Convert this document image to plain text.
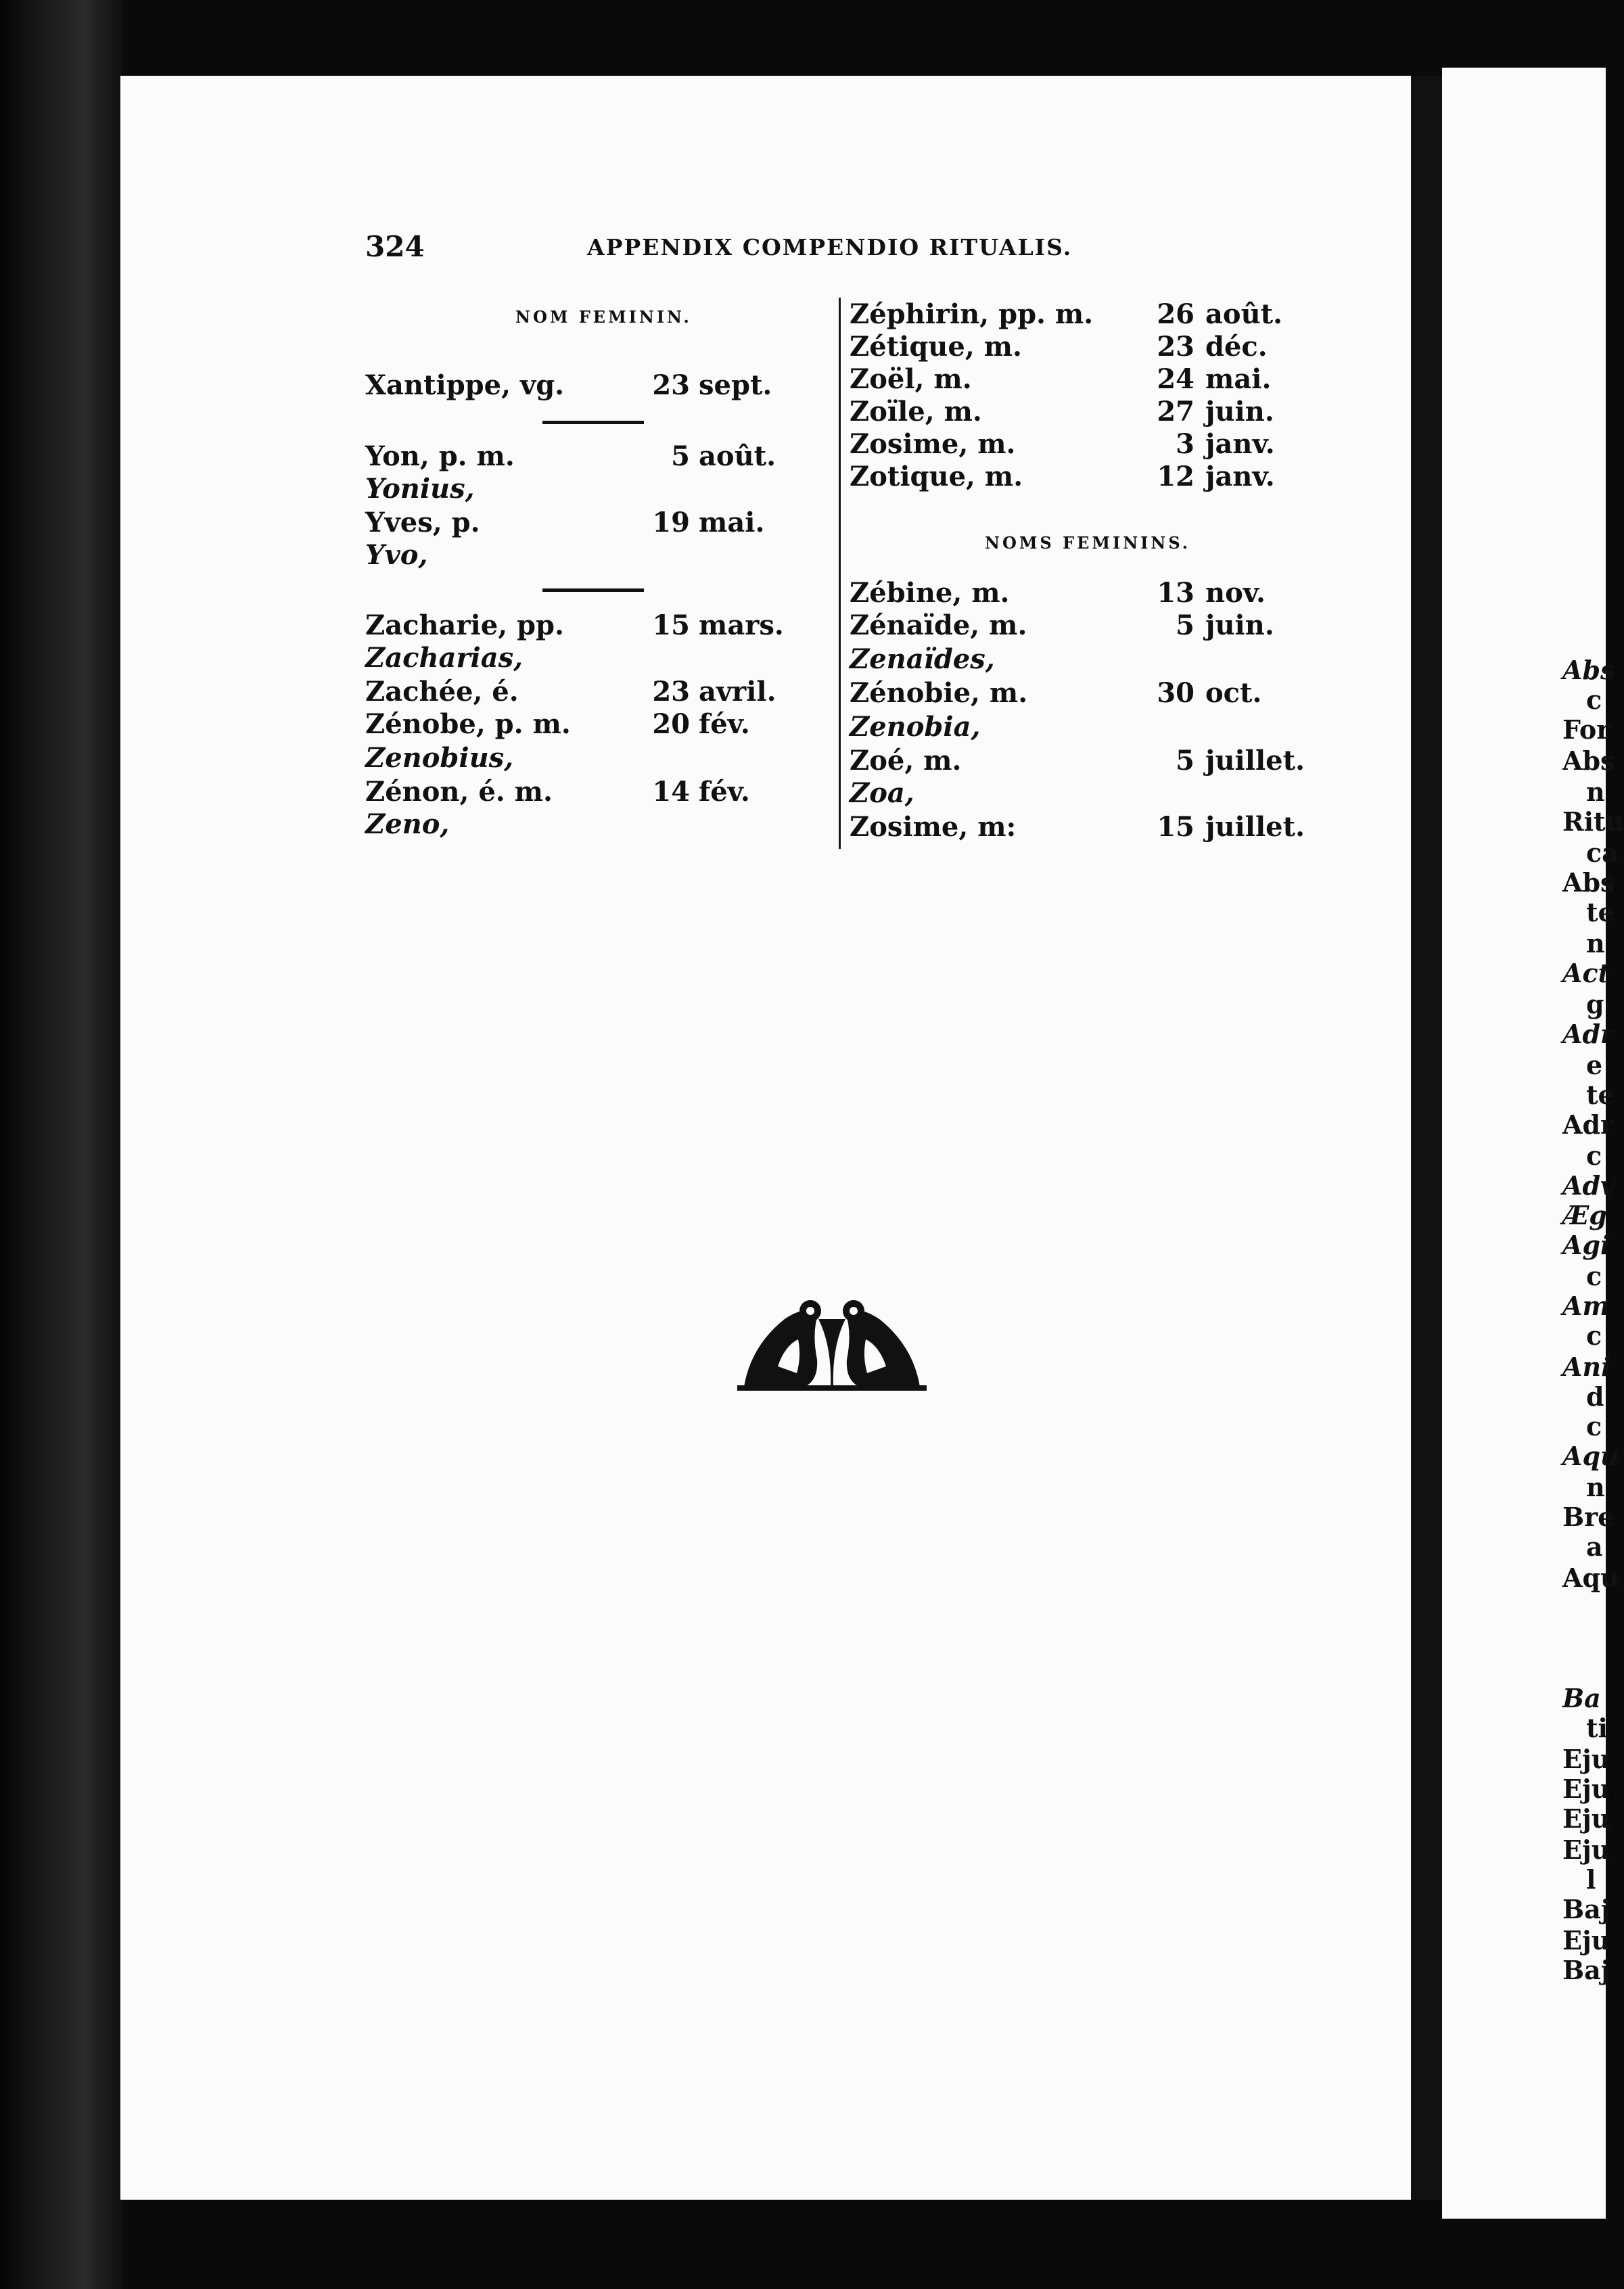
324	APPENDIX COMPENDIO RITUALIS.
NOM FEMININ.
Xantippe, vg.	23 sept.
Yon, p. m.	5 août.
Yonius,
Yves, p.	19 mai.
Yvo,
Zacharie, pp.	15 mars.
Zacharias,
Zachée, é.	23 avril.
Zénobe, p. m.	20 fév.
Zenobius,
Zénon, é. m.	14 fév.
Zeno,
Zéphirin, pp. m.	26 août.
Zétique, m.	23 déc.
Zoël, m.	24 mai.
Zoïle, m.	27 juin.
Zosime, m.	3 janv.
Zotique, m.	12 janv.
NOMS FEMININS.
Zébine, m.	13 nov.
Zénaïde, m.	5 juin.
Zenaïdes,
Zénobie, m.	30 oct.
Zenobia,
Zoé, m.	5 juillet.
Zoa,
Zosime, m:	15 juillet.
Abs
c
For
Abs
n
Ritu
ca
Abs
te
n
Act
g
Adr
e
te
Adr
c
Adv
Æg
Agi
c
Am
c
Ani
d
c
Aqu
n
Bre
a
Aqu
Ba
ti
Eju
Eju
Eju
Eju
l
Baj
Eju
Baj
